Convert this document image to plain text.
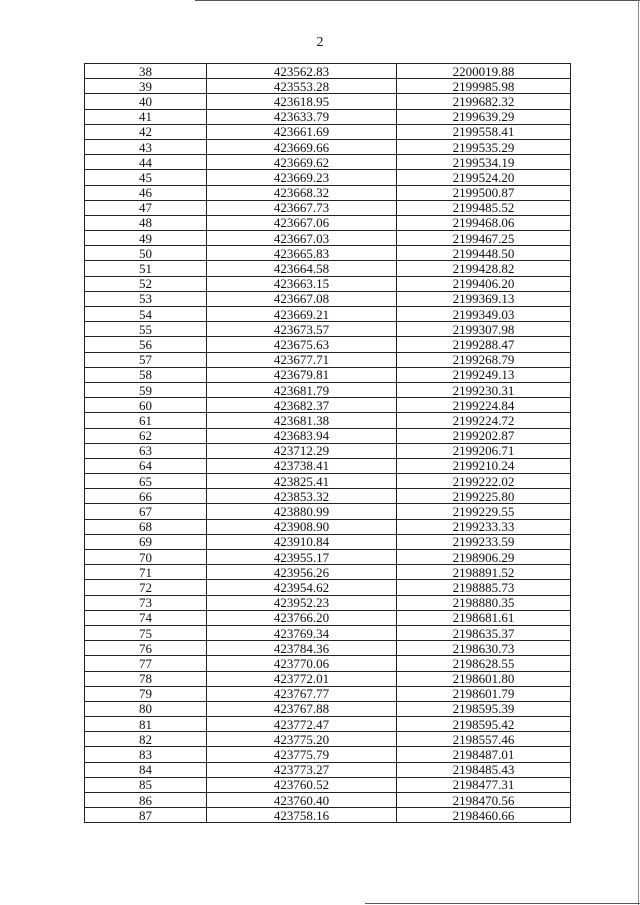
2
38	423562.83	2200019.88
39	423553.28	2199985.98
40	423618.95	2199682.32
41	423633.79	2199639.29
42	423661.69	2199558.41
43	423669.66	2199535.29
44	423669.62	2199534.19
45	423669.23	2199524.20
46	423668.32	2199500.87
47	423667.73	2199485.52
48	423667.06	2199468.06
49	423667.03	2199467.25
50	423665.83	2199448.50
51	423664.58	2199428.82
52	423663.15	2199406.20
53	423667.08	2199369.13
54	423669.21	2199349.03
55	423673.57	2199307.98
56	423675.63	2199288.47
57	423677.71	2199268.79
58	423679.81	2199249.13
59	423681.79	2199230.31
60	423682.37	2199224.84
61	423681.38	2199224.72
62	423683.94	2199202.87
63	423712.29	2199206.71
64	423738.41	2199210.24
65	423825.41	2199222.02
66	423853.32	2199225.80
67	423880.99	2199229.55
68	423908.90	2199233.33
69	423910.84	2199233.59
70	423955.17	2198906.29
71	423956.26	2198891.52
72	423954.62	2198885.73
73	423952.23	2198880.35
74	423766.20	2198681.61
75	423769.34	2198635.37
76	423784.36	2198630.73
77	423770.06	2198628.55
78	423772.01	2198601.80
79	423767.77	2198601.79
80	423767.88	2198595.39
81	423772.47	2198595.42
82	423775.20	2198557.46
83	423775.79	2198487.01
84	423773.27	2198485.43
85	423760.52	2198477.31
86	423760.40	2198470.56
87	423758.16	2198460.66
